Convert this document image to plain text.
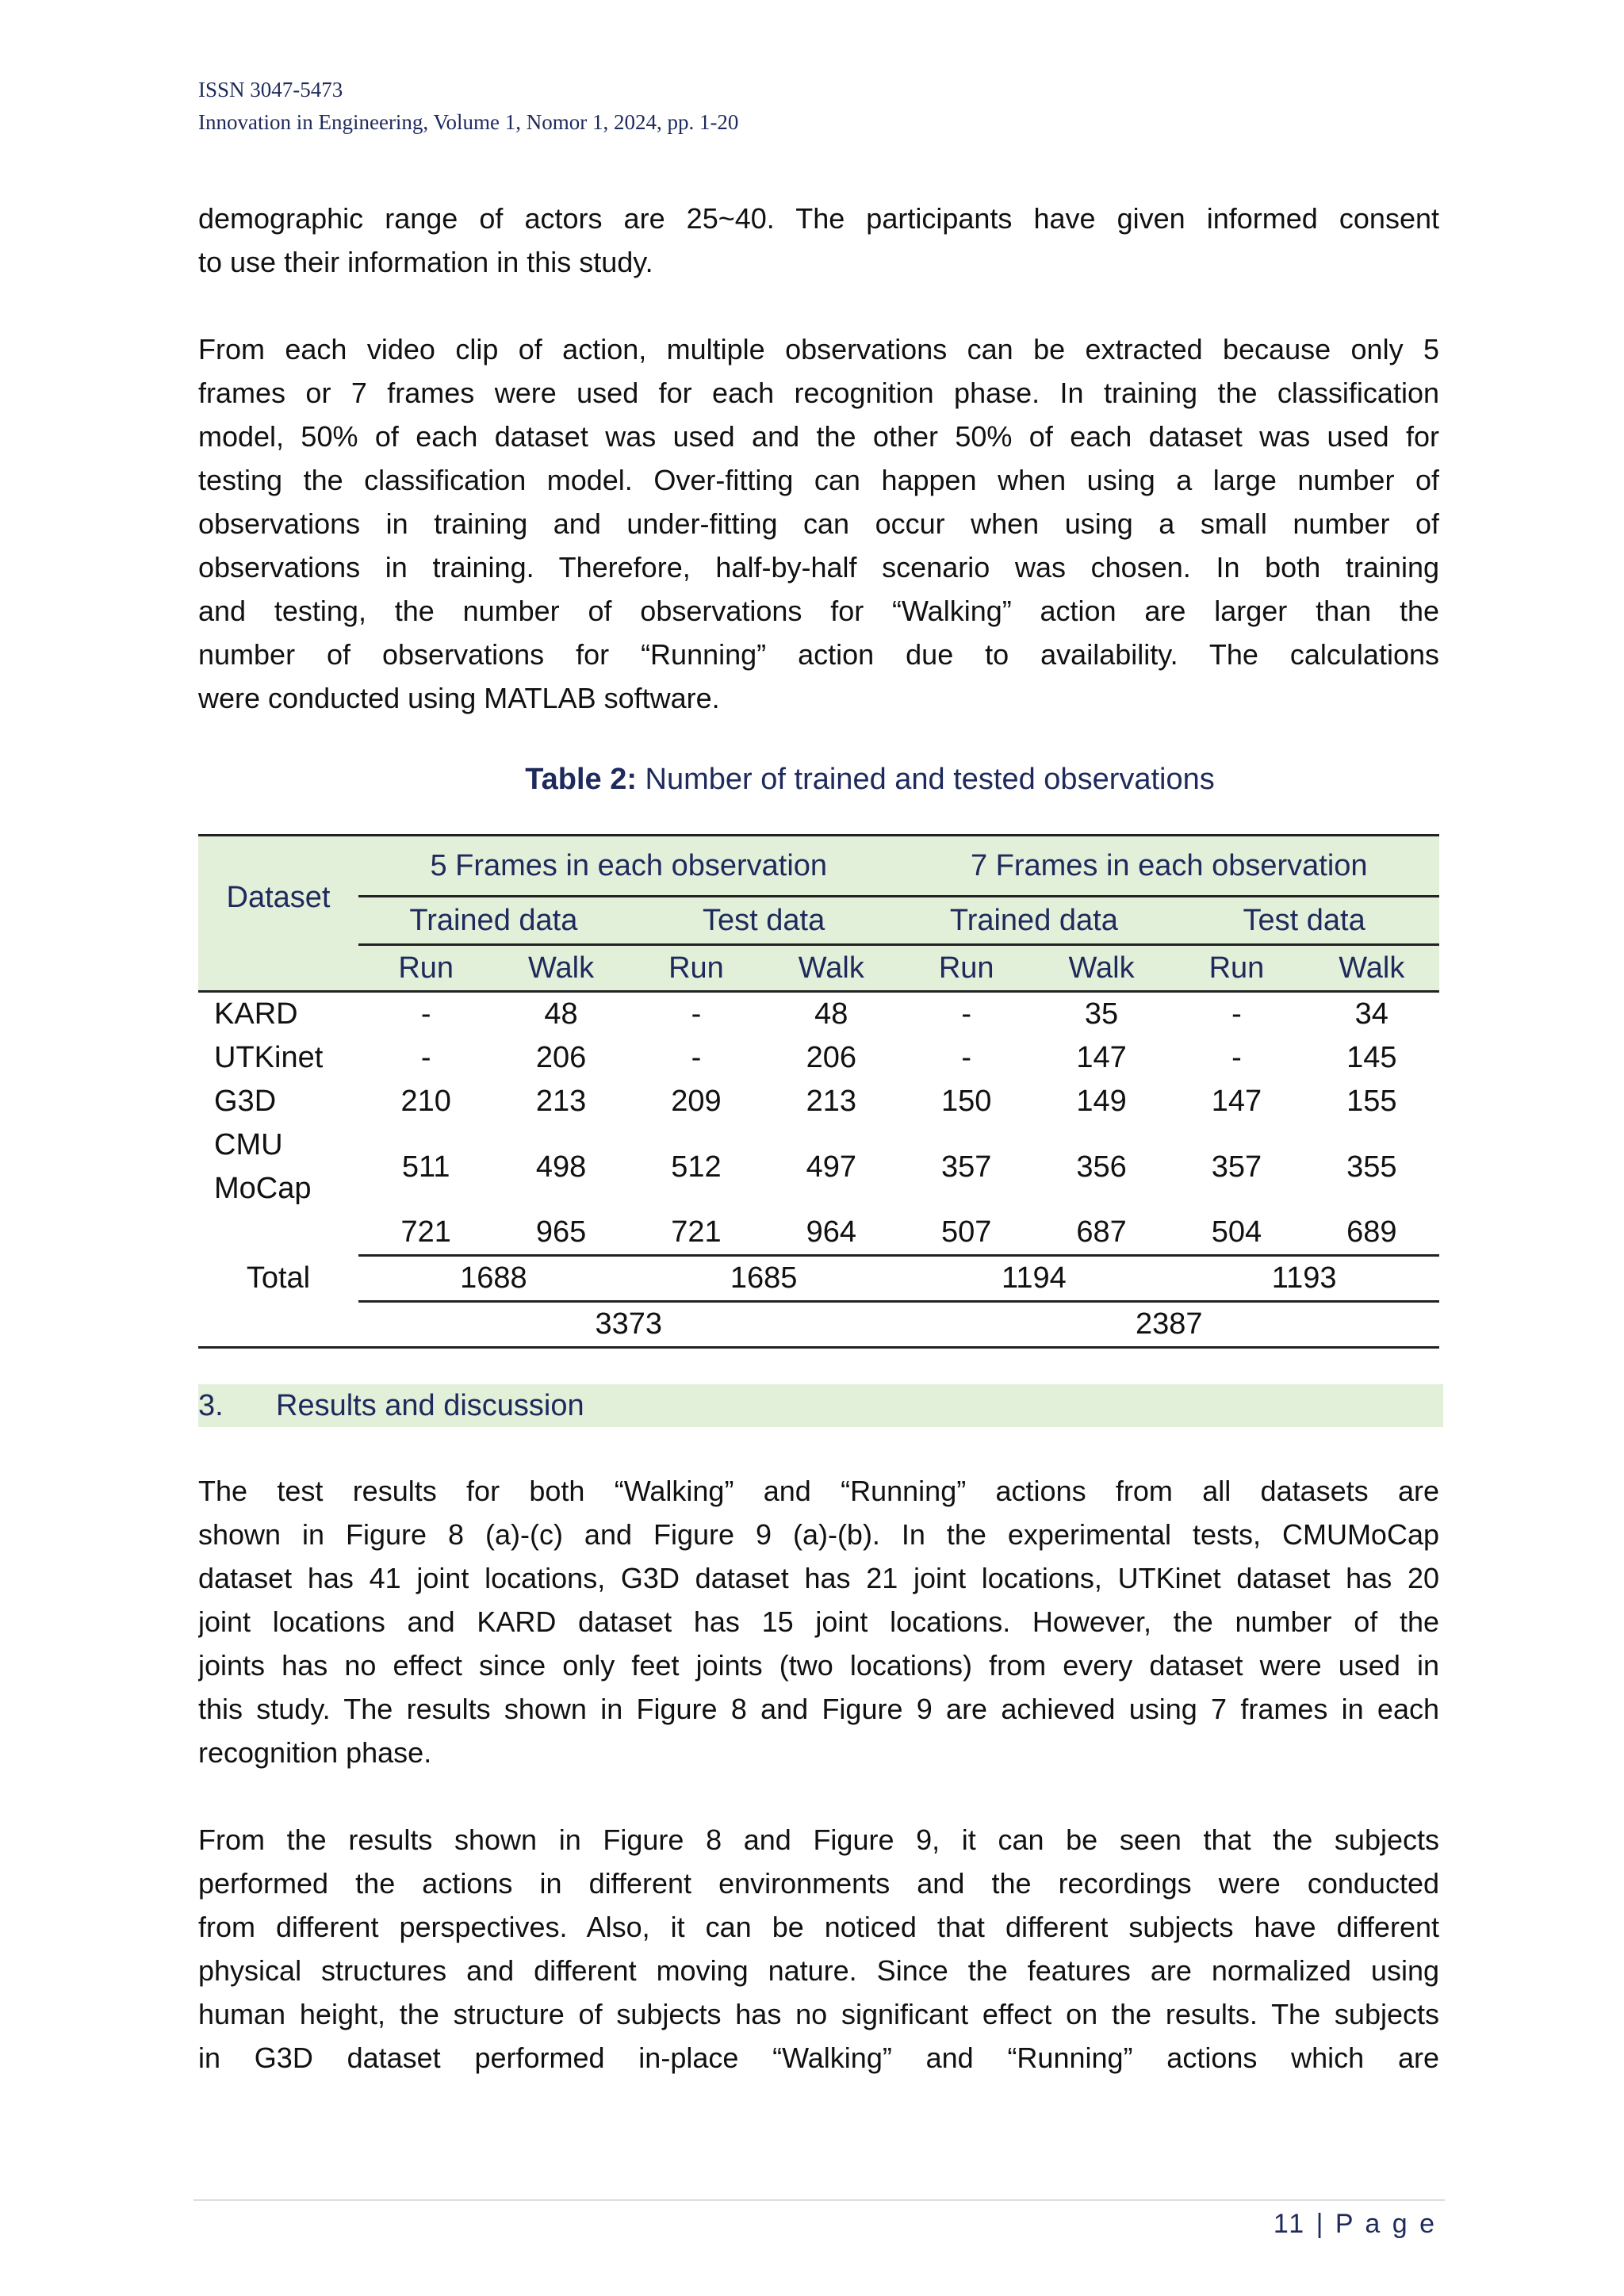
ISSN 3047-5473
Innovation in Engineering, Volume 1, Nomor 1, 2024, pp. 1-20
demographic range of actors are 25~40. The participants have given informed consent
to use their information in this study.
From each video clip of action, multiple observations can be extracted because only 5
frames or 7 frames were used for each recognition phase. In training the classification
model, 50% of each dataset was used and the other 50% of each dataset was used for
testing the classification model. Over-fitting can happen when using a large number of
observations in training and under-fitting can occur when using a small number of
observations in training. Therefore, half-by-half scenario was chosen. In both training
and testing, the number of observations for “Walking” action are larger than the
number of observations for “Running” action due to availability. The calculations
were conducted using MATLAB software.
Table 2: Number of trained and tested observations
Dataset	5 Frames in each observation				7 Frames in each observation			
	Trained data		Test data		Trained data		Test data	
	Run	Walk	Run	Walk	Run	Walk	Run	Walk
KARD	-	48	-	48	-	35	-	34
UTKinet	-	206	-	206	-	147	-	145
G3D	210	213	209	213	150	149	147	155
CMU
MoCap	511	498	512	497	357	356	357	355
	721	965	721	964	507	687	504	689
Total	1688		1685		1194		1193	
	3373				2387			
3. Results and discussion
The test results for both “Walking” and “Running” actions from all datasets are
shown in Figure 8 (a)-(c) and Figure 9 (a)-(b). In the experimental tests, CMUMoCap
dataset has 41 joint locations, G3D dataset has 21 joint locations, UTKinet dataset has 20
joint locations and KARD dataset has 15 joint locations. However, the number of the
joints has no effect since only feet joints (two locations) from every dataset were used in
this study. The results shown in Figure 8 and Figure 9 are achieved using 7 frames in each
recognition phase.
From the results shown in Figure 8 and Figure 9, it can be seen that the subjects
performed the actions in different environments and the recordings were conducted
from different perspectives. Also, it can be noticed that different subjects have different
physical structures and different moving nature. Since the features are normalized using
human height, the structure of subjects has no significant effect on the results. The subjects
in G3D dataset performed in-place “Walking” and “Running” actions which are
11 | P a g e
